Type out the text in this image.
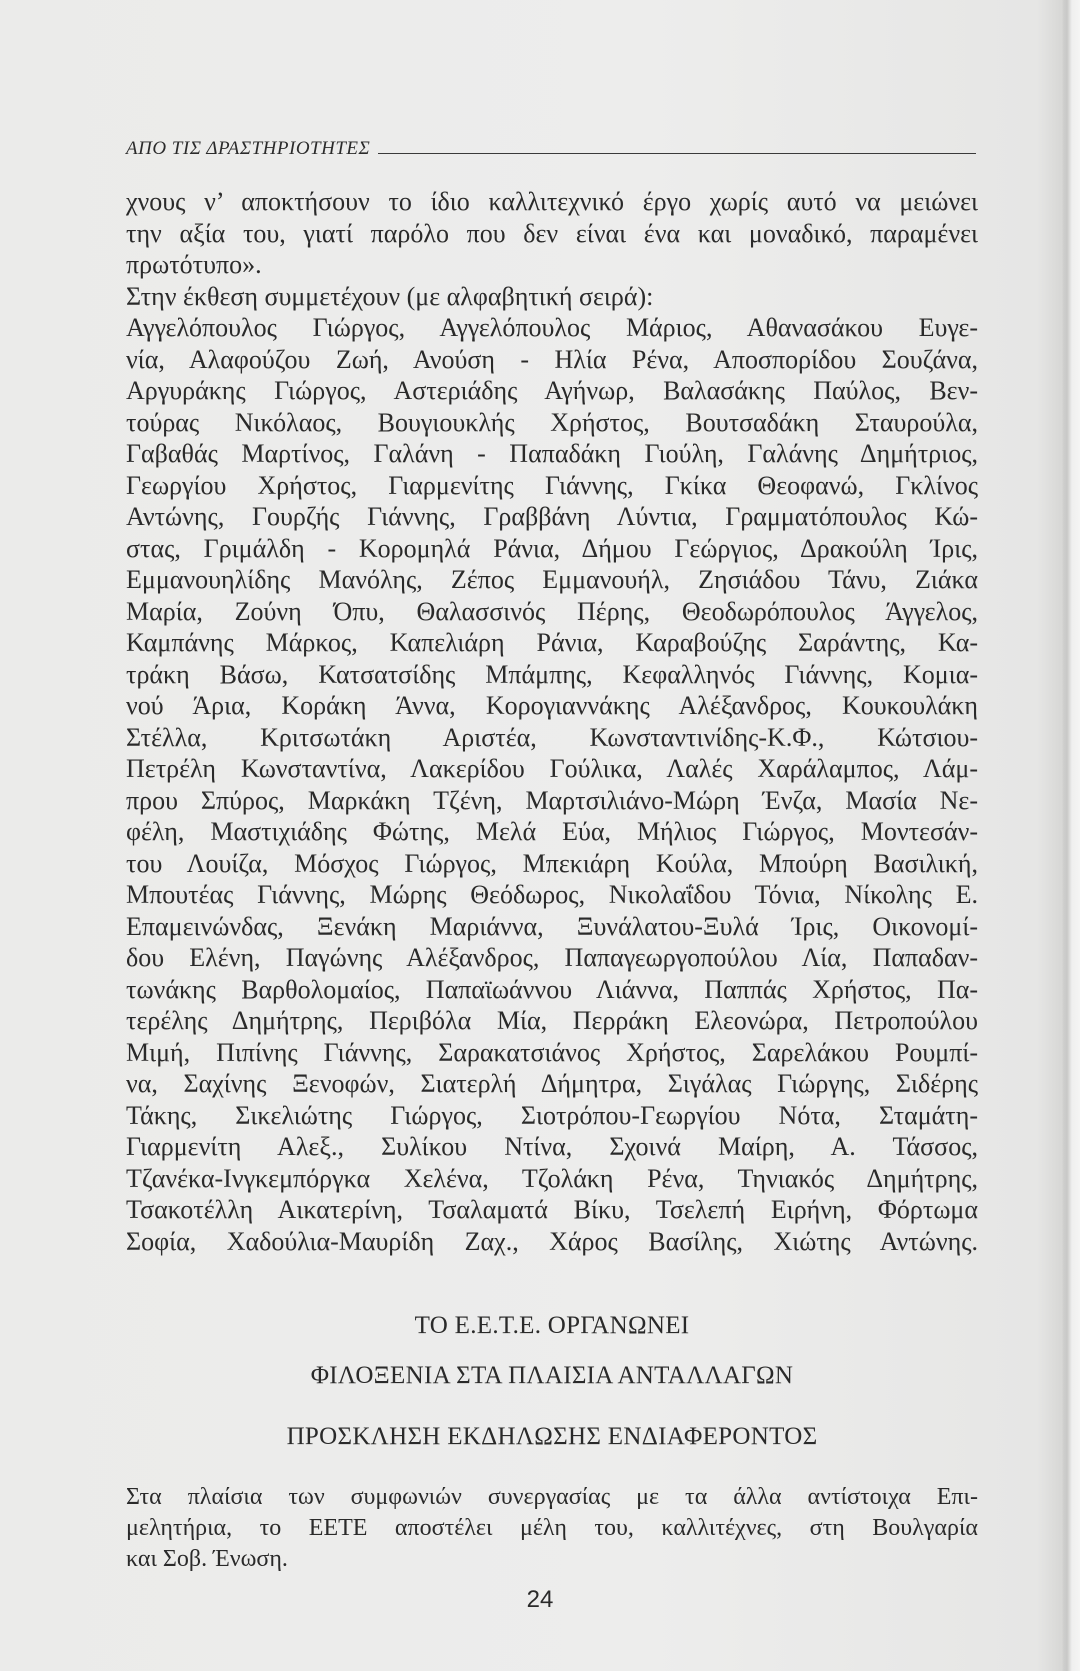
ΑΠΟ ΤΙΣ ΔΡΑΣΤΗΡΙΟΤΗΤΕΣ
χνους ν’ αποκτήσουν το ίδιο καλλιτεχνικό έργο χωρίς αυτό να μειώνει
την αξία του, γιατί παρόλο που δεν είναι ένα και μοναδικό, παραμένει
πρωτότυπο».
Στην έκθεση συμμετέχουν (με αλφαβητική σειρά):
Αγγελόπουλος Γιώργος, Αγγελόπουλος Μάριος, Αθανασάκου Ευγε-
νία, Αλαφούζου Ζωή, Ανούση - Ηλία Ρένα, Αποσπορίδου Σουζάνα,
Αργυράκης Γιώργος, Αστεριάδης Αγήνωρ, Βαλασάκης Παύλος, Βεν-
τούρας Νικόλαος, Βουγιουκλής Χρήστος, Βουτσαδάκη Σταυρούλα,
Γαβαθάς Μαρτίνος, Γαλάνη - Παπαδάκη Γιούλη, Γαλάνης Δημήτριος,
Γεωργίου Χρήστος, Γιαρμενίτης Γιάννης, Γκίκα Θεοφανώ, Γκλίνος
Αντώνης, Γουρζής Γιάννης, Γραββάνη Λύντια, Γραμματόπουλος Κώ-
στας, Γριμάλδη - Κορομηλά Ράνια, Δήμου Γεώργιος, Δρακούλη Ίρις,
Εμμανουηλίδης Μανόλης, Ζέπος Εμμανουήλ, Ζησιάδου Τάνυ, Ζιάκα
Μαρία, Ζούνη Όπυ, Θαλασσινός Πέρης, Θεοδωρόπουλος Άγγελος,
Καμπάνης Μάρκος, Καπελιάρη Ράνια, Καραβούζης Σαράντης, Κα-
τράκη Βάσω, Κατσατσίδης Μπάμπης, Κεφαλληνός Γιάννης, Κομια-
νού Άρια, Κοράκη Άννα, Κορογιαννάκης Αλέξανδρος, Κουκουλάκη
Στέλλα, Κριτσωτάκη Αριστέα, Κωνσταντινίδης-Κ.Φ., Κώτσιου-
Πετρέλη Κωνσταντίνα, Λακερίδου Γούλικα, Λαλές Χαράλαμπος, Λάμ-
πρου Σπύρος, Μαρκάκη Τζένη, Μαρτσιλιάνο-Μώρη Ένζα, Μασία Νε-
φέλη, Μαστιχιάδης Φώτης, Μελά Εύα, Μήλιος Γιώργος, Μοντεσάν-
του Λουίζα, Μόσχος Γιώργος, Μπεκιάρη Κούλα, Μπούρη Βασιλική,
Μπουτέας Γιάννης, Μώρης Θεόδωρος, Νικολαΐδου Τόνια, Νίκολης Ε.
Επαμεινώνδας, Ξενάκη Μαριάννα, Ξυνάλατου-Ξυλά Ίρις, Οικονομί-
δου Ελένη, Παγώνης Αλέξανδρος, Παπαγεωργοπούλου Λία, Παπαδαν-
τωνάκης Βαρθολομαίος, Παπαϊωάννου Λιάννα, Παππάς Χρήστος, Πα-
τερέλης Δημήτρης, Περιβόλα Μία, Περράκη Ελεονώρα, Πετροπούλου
Μιμή, Πιπίνης Γιάννης, Σαρακατσιάνος Χρήστος, Σαρελάκου Ρουμπί-
να, Σαχίνης Ξενοφών, Σιατερλή Δήμητρα, Σιγάλας Γιώργης, Σιδέρης
Τάκης, Σικελιώτης Γιώργος, Σιοτρόπου-Γεωργίου Νότα, Σταμάτη-
Γιαρμενίτη Αλεξ., Συλίκου Ντίνα, Σχοινά Μαίρη, Α. Τάσσος,
Τζανέκα-Ινγκεμπόργκα Χελένα, Τζολάκη Ρένα, Τηνιακός Δημήτρης,
Τσακοτέλλη Αικατερίνη, Τσαλαματά Βίκυ, Τσελεπή Ειρήνη, Φόρτωμα
Σοφία, Χαδούλια-Μαυρίδη Ζαχ., Χάρος Βασίλης, Χιώτης Αντώνης.
ΤΟ Ε.Ε.Τ.Ε. ΟΡΓΑΝΩΝΕΙ
ΦΙΛΟΞΕΝΙΑ ΣΤΑ ΠΛΑΙΣΙΑ ΑΝΤΑΛΛΑΓΩΝ
ΠΡΟΣΚΛΗΣΗ ΕΚΔΗΛΩΣΗΣ ΕΝΔΙΑΦΕΡΟΝΤΟΣ
Στα πλαίσια των συμφωνιών συνεργασίας με τα άλλα αντίστοιχα Επι-
μελητήρια, το ΕΕΤΕ αποστέλει μέλη του, καλλιτέχνες, στη Βουλγαρία
και Σοβ. Ένωση.
24
